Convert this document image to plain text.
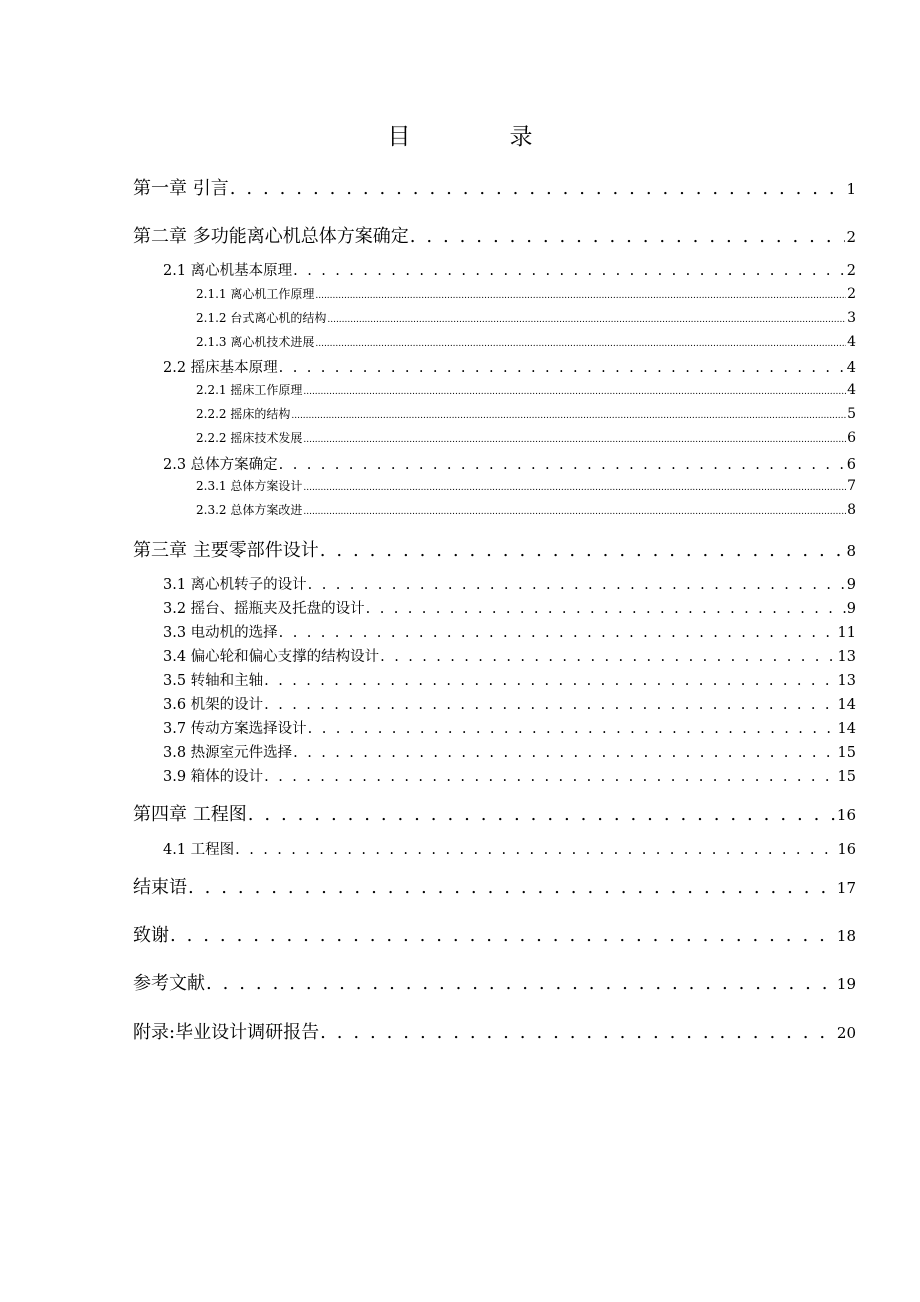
目　录
第一章 引言 . . .	1
第二章 多功能离心机总体方案确定 . . .	2
2.1 离心机基本原理 . . .	2
2.1.1 离心机工作原理 .....	2
2.1.2 台式离心机的结构 .....	3
2.1.3 离心机技术进展 .....	4
2.2 摇床基本原理 . . .	4
2.2.1 摇床工作原理 .....	4
2.2.2 摇床的结构 .....	5
2.2.2 摇床技术发展 .....	6
2.3 总体方案确定 . . .	6
2.3.1 总体方案设计 .....	7
2.3.2 总体方案改进 .....	8
第三章 主要零部件设计 . . .	8
3.1 离心机转子的设计 . . .	9
3.2 摇台、摇瓶夹及托盘的设计 . . .	9
3.3 电动机的选择 . . .	11
3.4 偏心轮和偏心支撑的结构设计 . . .	13
3.5 转轴和主轴 . . .	13
3.6 机架的设计 . . .	14
3.7 传动方案选择设计 . . .	14
3.8 热源室元件选择 . . .	15
3.9 箱体的设计 . . .	15
第四章 工程图 . . .	16
4.1 工程图 . . .	16
结束语 . . .	17
致谢 . . .	18
参考文献 . . .	19
附录:毕业设计调研报告 . . .	20
